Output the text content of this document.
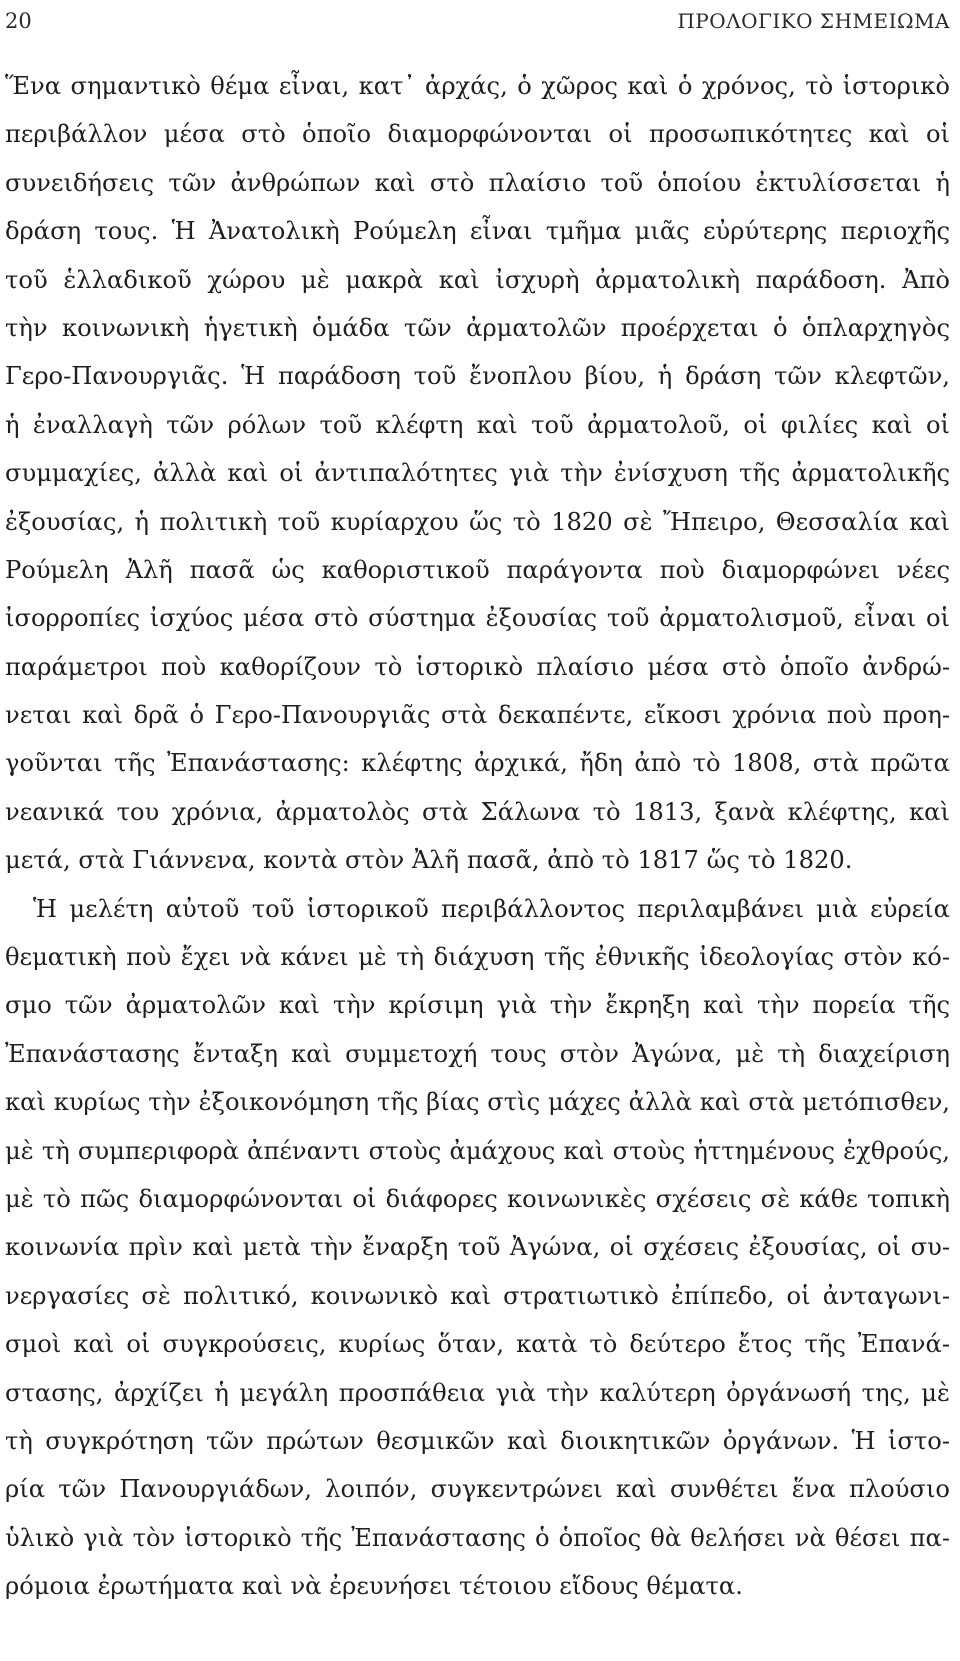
20	ΠΡΟΛΟΓΙΚΟ ΣΗΜΕΙΩΜΑ
Ἕνα σημαντικὸ θέμα εἶναι, κατ᾽ ἀρχάς, ὁ χῶρος καὶ ὁ χρόνος, τὸ ἱστορικὸ
περιβάλλον μέσα στὸ ὁποῖο διαμορφώνονται οἱ προσωπικότητες καὶ οἱ
συνειδήσεις τῶν ἀνθρώπων καὶ στὸ πλαίσιο τοῦ ὁποίου ἐκτυλίσσεται ἡ
δράση τους. Ἡ Ἀνατολικὴ Ρούμελη εἶναι τμῆμα μιᾶς εὐρύτερης περιοχῆς
τοῦ ἑλλαδικοῦ χώρου μὲ μακρὰ καὶ ἰσχυρὴ ἀρματολικὴ παράδοση. Ἀπὸ
τὴν κοινωνικὴ ἡγετικὴ ὁμάδα τῶν ἀρματολῶν προέρχεται ὁ ὁπλαρχηγὸς
Γερο-Πανουργιᾶς. Ἡ παράδοση τοῦ ἔνοπλου βίου, ἡ δράση τῶν κλεφτῶν,
ἡ ἐναλλαγὴ τῶν ρόλων τοῦ κλέφτη καὶ τοῦ ἀρματολοῦ, οἱ φιλίες καὶ οἱ
συμμαχίες, ἀλλὰ καὶ οἱ ἀντιπαλότητες γιὰ τὴν ἐνίσχυση τῆς ἀρματολικῆς
ἐξουσίας, ἡ πολιτικὴ τοῦ κυρίαρχου ὥς τὸ 1820 σὲ Ἤπειρο, Θεσσαλία καὶ
Ρούμελη Ἀλῆ πασᾶ ὡς καθοριστικοῦ παράγοντα ποὺ διαμορφώνει νέες
ἰσορροπίες ἰσχύος μέσα στὸ σύστημα ἐξουσίας τοῦ ἀρματολισμοῦ, εἶναι οἱ
παράμετροι ποὺ καθορίζουν τὸ ἱστορικὸ πλαίσιο μέσα στὸ ὁποῖο ἀνδρώ-
νεται καὶ δρᾶ ὁ Γερο-Πανουργιᾶς στὰ δεκαπέντε, εἴκοσι χρόνια ποὺ προη-
γοῦνται τῆς Ἐπανάστασης: κλέφτης ἀρχικά, ἤδη ἀπὸ τὸ 1808, στὰ πρῶτα
νεανικά του χρόνια, ἀρματολὸς στὰ Σάλωνα τὸ 1813, ξανὰ κλέφτης, καὶ
μετά, στὰ Γιάννενα, κοντὰ στὸν Ἀλῆ πασᾶ, ἀπὸ τὸ 1817 ὥς τὸ 1820.
Ἡ μελέτη αὐτοῦ τοῦ ἱστορικοῦ περιβάλλοντος περιλαμβάνει μιὰ εὐρεία
θεματικὴ ποὺ ἔχει νὰ κάνει μὲ τὴ διάχυση τῆς ἐθνικῆς ἰδεολογίας στὸν κό-
σμο τῶν ἀρματολῶν καὶ τὴν κρίσιμη γιὰ τὴν ἔκρηξη καὶ τὴν πορεία τῆς
Ἐπανάστασης ἔνταξη καὶ συμμετοχή τους στὸν Ἀγώνα, μὲ τὴ διαχείριση
καὶ κυρίως τὴν ἐξοικονόμηση τῆς βίας στὶς μάχες ἀλλὰ καὶ στὰ μετόπισθεν,
μὲ τὴ συμπεριφορὰ ἀπέναντι στοὺς ἀμάχους καὶ στοὺς ἡττημένους ἐχθρούς,
μὲ τὸ πῶς διαμορφώνονται οἱ διάφορες κοινωνικὲς σχέσεις σὲ κάθε τοπικὴ
κοινωνία πρὶν καὶ μετὰ τὴν ἔναρξη τοῦ Ἀγώνα, οἱ σχέσεις ἐξουσίας, οἱ συ-
νεργασίες σὲ πολιτικό, κοινωνικὸ καὶ στρατιωτικὸ ἐπίπεδο, οἱ ἀνταγωνι-
σμοὶ καὶ οἱ συγκρούσεις, κυρίως ὅταν, κατὰ τὸ δεύτερο ἔτος τῆς Ἐπανά-
στασης, ἀρχίζει ἡ μεγάλη προσπάθεια γιὰ τὴν καλύτερη ὀργάνωσή της, μὲ
τὴ συγκρότηση τῶν πρώτων θεσμικῶν καὶ διοικητικῶν ὀργάνων. Ἡ ἱστο-
ρία τῶν Πανουργιάδων, λοιπόν, συγκεντρώνει καὶ συνθέτει ἕνα πλούσιο
ὑλικὸ γιὰ τὸν ἱστορικὸ τῆς Ἐπανάστασης ὁ ὁποῖος θὰ θελήσει νὰ θέσει πα-
ρόμοια ἐρωτήματα καὶ νὰ ἐρευνήσει τέτοιου εἴδους θέματα.
